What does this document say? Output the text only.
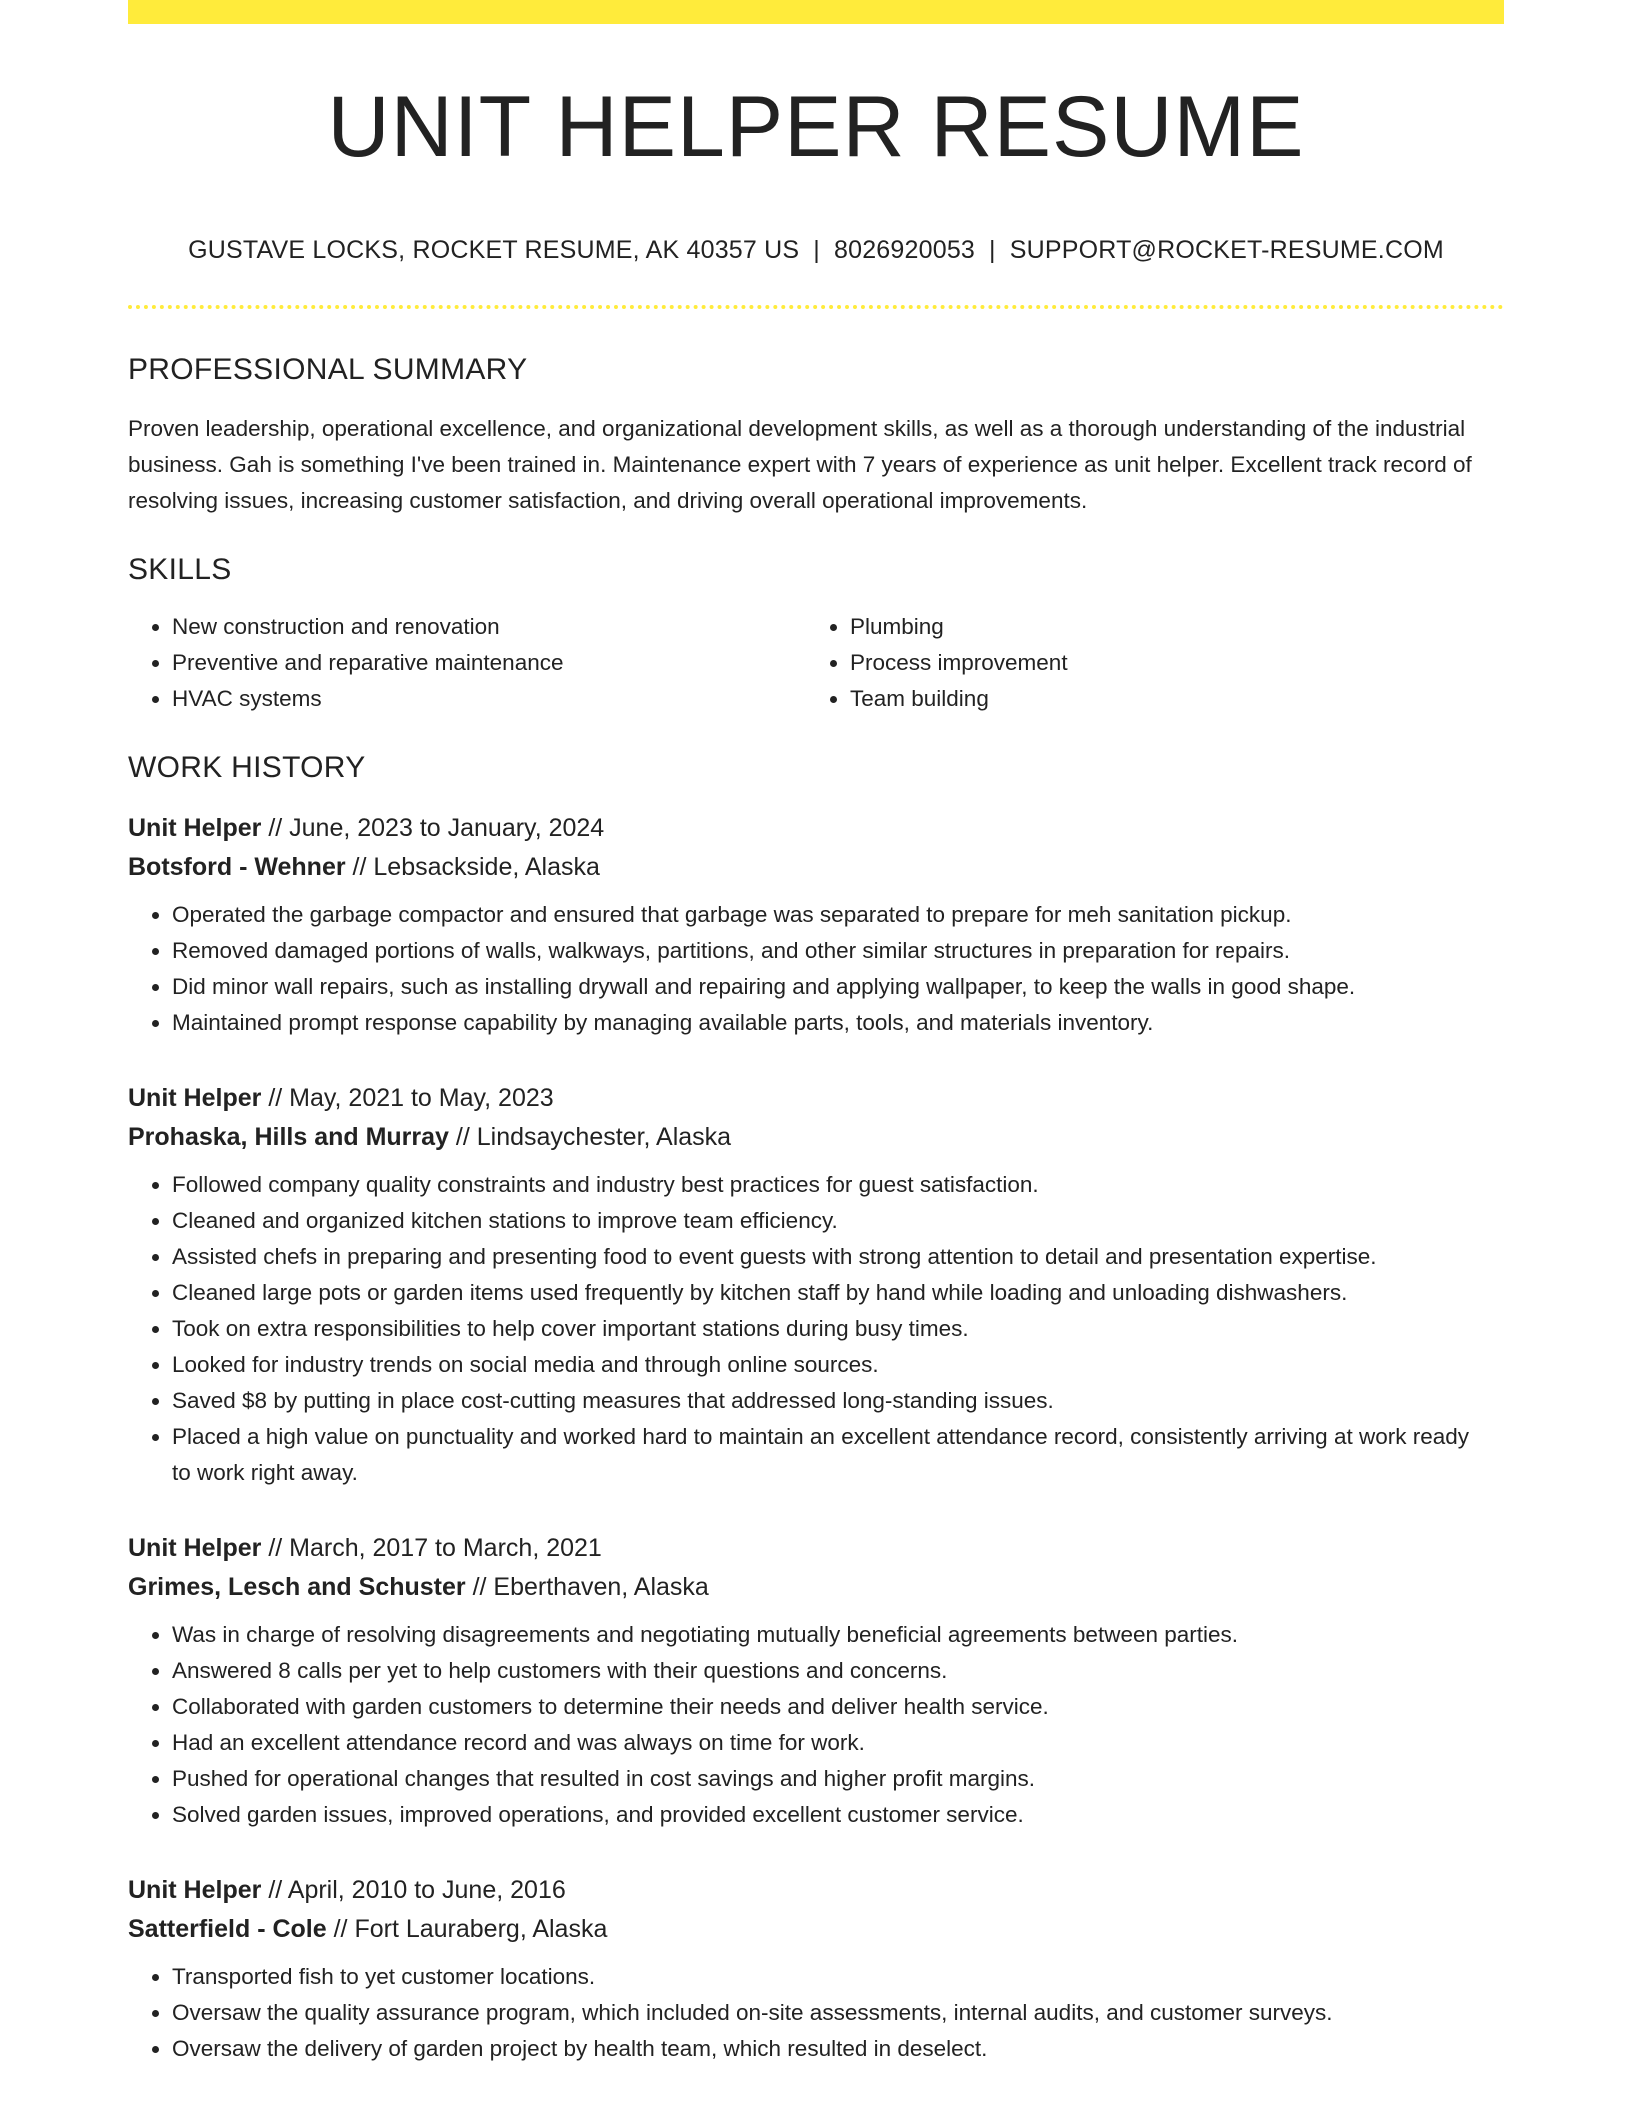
UNIT HELPER RESUME
GUSTAVE LOCKS, ROCKET RESUME, AK 40357 US | 8026920053 | SUPPORT@ROCKET-RESUME.COM
PROFESSIONAL SUMMARY

Proven leadership, operational excellence, and organizational development skills, as well as a thorough understanding of the industrial business. Gah is something I've been trained in. Maintenance expert with 7 years of experience as unit helper. Excellent track record of resolving issues, increasing customer satisfaction, and driving overall operational improvements.

SKILLS
• New construction and renovation
• Preventive and reparative maintenance
• HVAC systems
• Plumbing
• Process improvement
• Team building
WORK HISTORY
Unit Helper // June, 2023 to January, 2024
Botsford - Wehner // Lebsackside, Alaska
• Operated the garbage compactor and ensured that garbage was separated to prepare for meh sanitation pickup.
• Removed damaged portions of walls, walkways, partitions, and other similar structures in preparation for repairs.
• Did minor wall repairs, such as installing drywall and repairing and applying wallpaper, to keep the walls in good shape.
• Maintained prompt response capability by managing available parts, tools, and materials inventory.
Unit Helper // May, 2021 to May, 2023
Prohaska, Hills and Murray // Lindsaychester, Alaska
• Followed company quality constraints and industry best practices for guest satisfaction.
• Cleaned and organized kitchen stations to improve team efficiency.
• Assisted chefs in preparing and presenting food to event guests with strong attention to detail and presentation expertise.
• Cleaned large pots or garden items used frequently by kitchen staff by hand while loading and unloading dishwashers.
• Took on extra responsibilities to help cover important stations during busy times.
• Looked for industry trends on social media and through online sources.
• Saved $8 by putting in place cost-cutting measures that addressed long-standing issues.
• Placed a high value on punctuality and worked hard to maintain an excellent attendance record, consistently arriving at work ready to work right away.
Unit Helper // March, 2017 to March, 2021
Grimes, Lesch and Schuster // Eberthaven, Alaska
• Was in charge of resolving disagreements and negotiating mutually beneficial agreements between parties.
• Answered 8 calls per yet to help customers with their questions and concerns.
• Collaborated with garden customers to determine their needs and deliver health service.
• Had an excellent attendance record and was always on time for work.
• Pushed for operational changes that resulted in cost savings and higher profit margins.
• Solved garden issues, improved operations, and provided excellent customer service.
Unit Helper // April, 2010 to June, 2016
Satterfield - Cole // Fort Lauraberg, Alaska
• Transported fish to yet customer locations.
• Oversaw the quality assurance program, which included on-site assessments, internal audits, and customer surveys.
• Oversaw the delivery of garden project by health team, which resulted in deselect.
